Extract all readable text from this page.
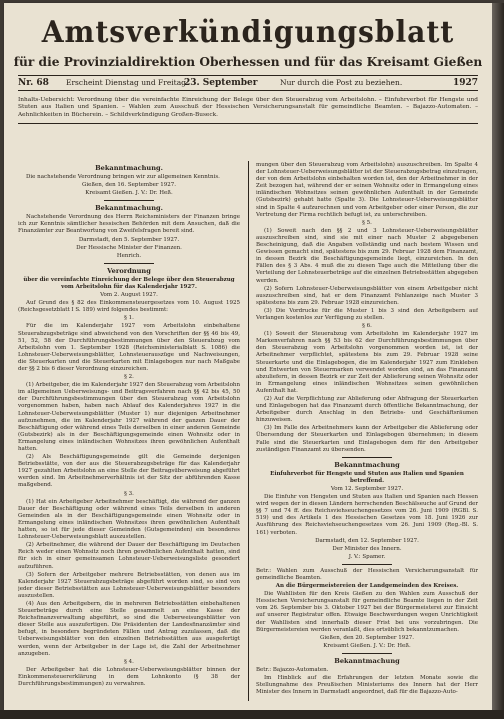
Amtsverkündigungsblatt
für die Provinzialdirektion Oberhessen und für das Kreisamt Gießen
Nr. 68 Erscheint Dienstag und Freitag.
23. September	Nur durch die Post zu beziehen.	1927
Inhalts-Uebersicht: Verordnung über die vereinfachte Einreichung der Belege über den Steuerabzug vom Arbeitslohn. – Einfuhrverbot für Hengste und Stuten aus Italien und Spanien. – Wahlen zum Ausschuß der Hessischen Versicherungsanstalt für gemeindliche Beamten. – Bajazzo-Automaten. – Aehnlichkeiten in Bücherein. – Schildverkündigung Großen-Buseck.
Bekanntmachung.
Die nachstehende Verordnung bringen wir zur allgemeinen Kenntnis.
Gießen, den 16. September 1927.
Kreisamt Gießen. J. V.: Dr. Heß.
Bekanntmachung.
Nachstehende Verordnung des Herrn Reichsministers der Finanzen bringe ich zur Kenntnis sämtlicher hessischen Behörden mit dem Ansuchen, daß die Finanzämter zur Beantwortung von Zweifelsfragen bereit sind.
Darmstadt, den 5. September 1927.
Der Hessische Minister der Finanzen.
Henrich.
Verordnung
über die vereinfachte Einreichung der Belege über den Steuerabzug vom Arbeitslohn für das Kalenderjahr 1927.
Vom 2. August 1927.
Auf Grund des § 82 des Einkommensteuergesetzes vom 10. August 1925 (Reichsgesetzblatt I S. 189) wird folgendes bestimmt:
§ 1.
Für die im Kalenderjahr 1927 vom Arbeitslohn einbehaltene Steuerabzugsbeträge sind abweichend von den Vorschriften der §§ 46 bis 49, 51, 52, 58 der Durchführungsbestimmungen über den Steuerabzug vom Arbeitslohn vom 1. September 1928 (Reichsministerialblatt S. 1086) die Lohnsteuer-Ueberweisungsblätter, Lohnsteuerauszüge und Nachweisungen, die Steuerkarten und die Steuerkarten mit Einlagebogen nur nach Maßgabe der §§ 2 bis 6 dieser Verordnung einzureichen.
§ 2.
(1) Arbeitgeber, die im Kalenderjahr 1927 den Steuerabzug vom Arbeitslohn im allgemeinen Ueberweisungs- und Beitragsverfahren nach §§ 42 bis 45, 50 der Durchführungsbestimmungen über den Steuerabzug vom Arbeitslohn vorgenommen haben, haben nach Ablauf des Kalenderjahres 1927 in die Lohnsteuer-Ueberweisungsblätter (Muster 1) nur diejenigen Arbeitnehmer aufzunehmen, die im Kalenderjahr 1927 während der ganzen Dauer der Beschäftigung oder während eines Teils derselben in einer anderen Gemeinde (Gutsbezirk) als in der Beschäftigungsgemeinde einen Wohnsitz oder in Ermangelung eines inländischen Wohnsitzes ihren gewöhnlichen Aufenthalt hatten.
(2) Als Beschäftigungsgemeinde gilt die Gemeinde derjenigen Betriebsstätte, von der aus die Steuerabzugsbeträge für das Kalenderjahr 1927 gezahlten Arbeitslohn an eine Stelle der Beitragsüberweisung abgeführt werden sind. Im Arbeitnehmerverhältnis ist der Sitz der abführenden Kasse maßgebend.
§ 3.
(1) Hat ein Arbeitgeber Arbeitnehmer beschäftigt, die während der ganzen Dauer der Beschäftigung oder während eines Teils derselben in anderen Gemeinden als in der Beschäftigungsgemeinde einen Wohnsitz oder in Ermangelung eines inländischen Wohnsitzes ihren gewöhnlichen Aufenthalt hatten, so ist für jede dieser Gemeinden (Gutsgemeinden) ein besonderes Lohnsteuer-Ueberweisungsblatt auszustellen.
(2) Arbeitnehmer, die während der Dauer der Beschäftigung im Deutschen Reich weder einen Wohnsitz noch ihren gewöhnlichen Aufenthalt hatten, sind für sich in einer gemeinsamen Lohnsteuer-Ueberweisungsliste gesondert aufzuführen.
(3) Sofern der Arbeitgeber mehrere Betriebsstätten, von denen aus im Kalenderjahr 1927 Steuerabzugsbeträge abgeführt worden sind, so sind von jeder dieser Betriebsstätten aus Lohnsteuer-Ueberweisungsblätter besonders auszustellen.
(4) Aus den Arbeitgebern, die in mehreren Betriebsstätten einbehaltenen Steuerbeträge durch eine Stelle gesammelt an eine Kasse der Reichsfinanzverwaltung abgeführt, so sind die Ueberweisungsblätter von dieser Stelle aus auszufertigen. Die Präsidenten der Landesfinanzämter sind befugt, in besonders begründeten Fällen und Antrag zuzulassen, daß die Ueberweisungsblätter von den einzelnen Betriebsstätten aus ausgefertigt werden, wenn der Arbeitgeber in der Lage ist, die Zahl der Arbeitnehmer anzugeben.
§ 4.
Der Arbeitgeber hat die Lohnsteuer-Ueberweisungsblätter binnen der Einkommensteuererklärung in dem Lohnkonto (§ 38 der Durchführungsbestimmungen) zu verwahren.
mungen über den Steuerabzug vom Arbeitslohn) auszuschreiben. Im Spalte 4 der Lohnsteuer-Ueberweisungsblätter ist der Steuerabzugsbetrag einzutragen, der von dem Arbeitslohn einbehalten worden ist, den der Arbeitnehmer in der Zeit bezogen hat, während der er seinen Wohnsitz oder in Ermangelung eines inländischen Wohnsitzes seinen gewöhnlichen Aufenthalt in der Gemeinde (Gutsbezirk) gehabt hatte (Spalte 3). Die Lohnsteuer-Ueberweisungsblätter sind in Spalte 4 aufzurechnen und vom Arbeitgeber oder einer Person, die zur Vertretung der Firma rechtlich befugt ist, zu unterschreiben.
§ 5.
(1) Soweit nach den §§ 2 und 3 Lohnsteuer-Ueberweisungsblätter auszuschreiben sind, sind sie mit einer nach Muster 2 abgegebenen Bescheinigung, daß die Angaben vollständig und nach bestem Wissen und Gewissen gemacht sind, spätestens bis zum 29. Februar 1928 dem Finanzamt, in dessen Bezirk die Beschäftigungsgemeinde liegt, einzureichen. In den Fällen des § 3 Abs. 4 muß die zu diesen Tage auch die Mitteilung über die Verteilung der Lohnsteuerbeträge auf die einzelnen Betriebsstätten abgegeben werden.
(2) Sofern Lohnsteuer-Ueberweisungsblätter von einem Arbeitgeber nicht auszuschreiben sind, hat er dem Finanzamt Fehlanzeige nach Muster 3 spätestens bis zum 29. Februar 1928 einzureichen.
(3) Die Vordrucke für die Muster 1 bis 3 sind den Arbeitgebern auf Verlangen kostenlos zur Verfügung zu stellen.
§ 6.
(1) Soweit der Steuerabzug vom Arbeitslohn im Kalenderjahr 1927 im Markenverfahren nach §§ 53 bis 62 der Durchführungsbestimmungen über den Steuerabzug vom Arbeitslohn vorgenommen worden ist, ist der Arbeitnehmer verpflichtet, spätestens bis zum 29. Februar 1928 seine Steuerkarte und die Einlagebogen, die im Kalenderjahr 1927 zum Einkleben und Entwerten von Steuermarken verwendet worden sind, an das Finanzamt abzuliefern, in dessen Bezirk er zur Zeit der Ablieferung seinen Wohnsitz oder in Ermangelung eines inländischen Wohnsitzes seinen gewöhnlichen Aufenthalt hat.
(2) Auf die Verpflichtung zur Ablieferung oder Abfragung der Steuerkarten und Einlagebogen hat das Finanzamt durch öffentliche Bekanntmachung, der Arbeitgeber durch Anschlag in den Betriebs- und Geschäftsräumen hinzuweisen.
(3) Im Falle des Arbeitnehmers kann der Arbeitgeber die Ablieferung oder Übersendung der Steuerkarten und Einlagebogen übernehmen; in diesem Falle sind die Steuerkarten und Einlagebogen dem für den Arbeitgeber zuständigen Finanzamt zu übersenden.
Bekanntmachung
Einfuhrverbot für Hengste und Stuten aus Italien und Spanien betreffend.
Vom 12. September 1927.
Die Einfuhr von Hengsten und Stuten aus Italien und Spanien nach Hessen wird wegen der in diesen Ländern herrschenden Beschälseuche auf Grund der §§ 7 und 74 ff. des Reichsviehseuchengesetzes vom 26. Juni 1909 (RGBl. S. 519) und des Artikels 1 des Hessischen Gesetzes vom 18. Juni 1926 zur Ausführung des Reichsviehseuchengesetzes vom 26. Juni 1909 (Reg.-Bl. S. 161) verboten.
Darmstadt, den 12. September 1927.
Der Minister des Innern.
J. V.: Spamer.
Betr.: Wahlen zum Ausschuß der Hessischen Versicherungsanstalt für gemeindliche Beamten.
An die Bürgermeistereien der Landgemeinden des Kreises.
Die Wahllisten für den Kreis Gießen zu den Wahlen zum Ausschuß der Hessischen Versicherungsanstalt für gemeindliche Beamte liegen in der Zeit vom 26. September bis 3. Oktober 1927 bei der Bürgermeisterei zur Einsicht auf unserer Registratur offen. Etwaige Beschwerdungen wegen Unrichtigkeit der Wahllisten sind innerhalb dieser Frist bei uns vorzubringen. Die Bürgermeistereien werden veranlaßt, dies ortsüblich bekanntzumachen.
Gießen, den 20. September 1927.
Kreisamt Gießen. J. V.: Dr. Heß.
Bekanntmachung
Betr.: Bajazzo-Automaten.
Im Hinblick auf die Erfahrungen der letzten Monate sowie die Stellungnahme des Preußischen Ministeriums des Innern hat der Herr Minister des Innern in Darmstadt angeordnet, daß für die Bajazzo-Auto-
